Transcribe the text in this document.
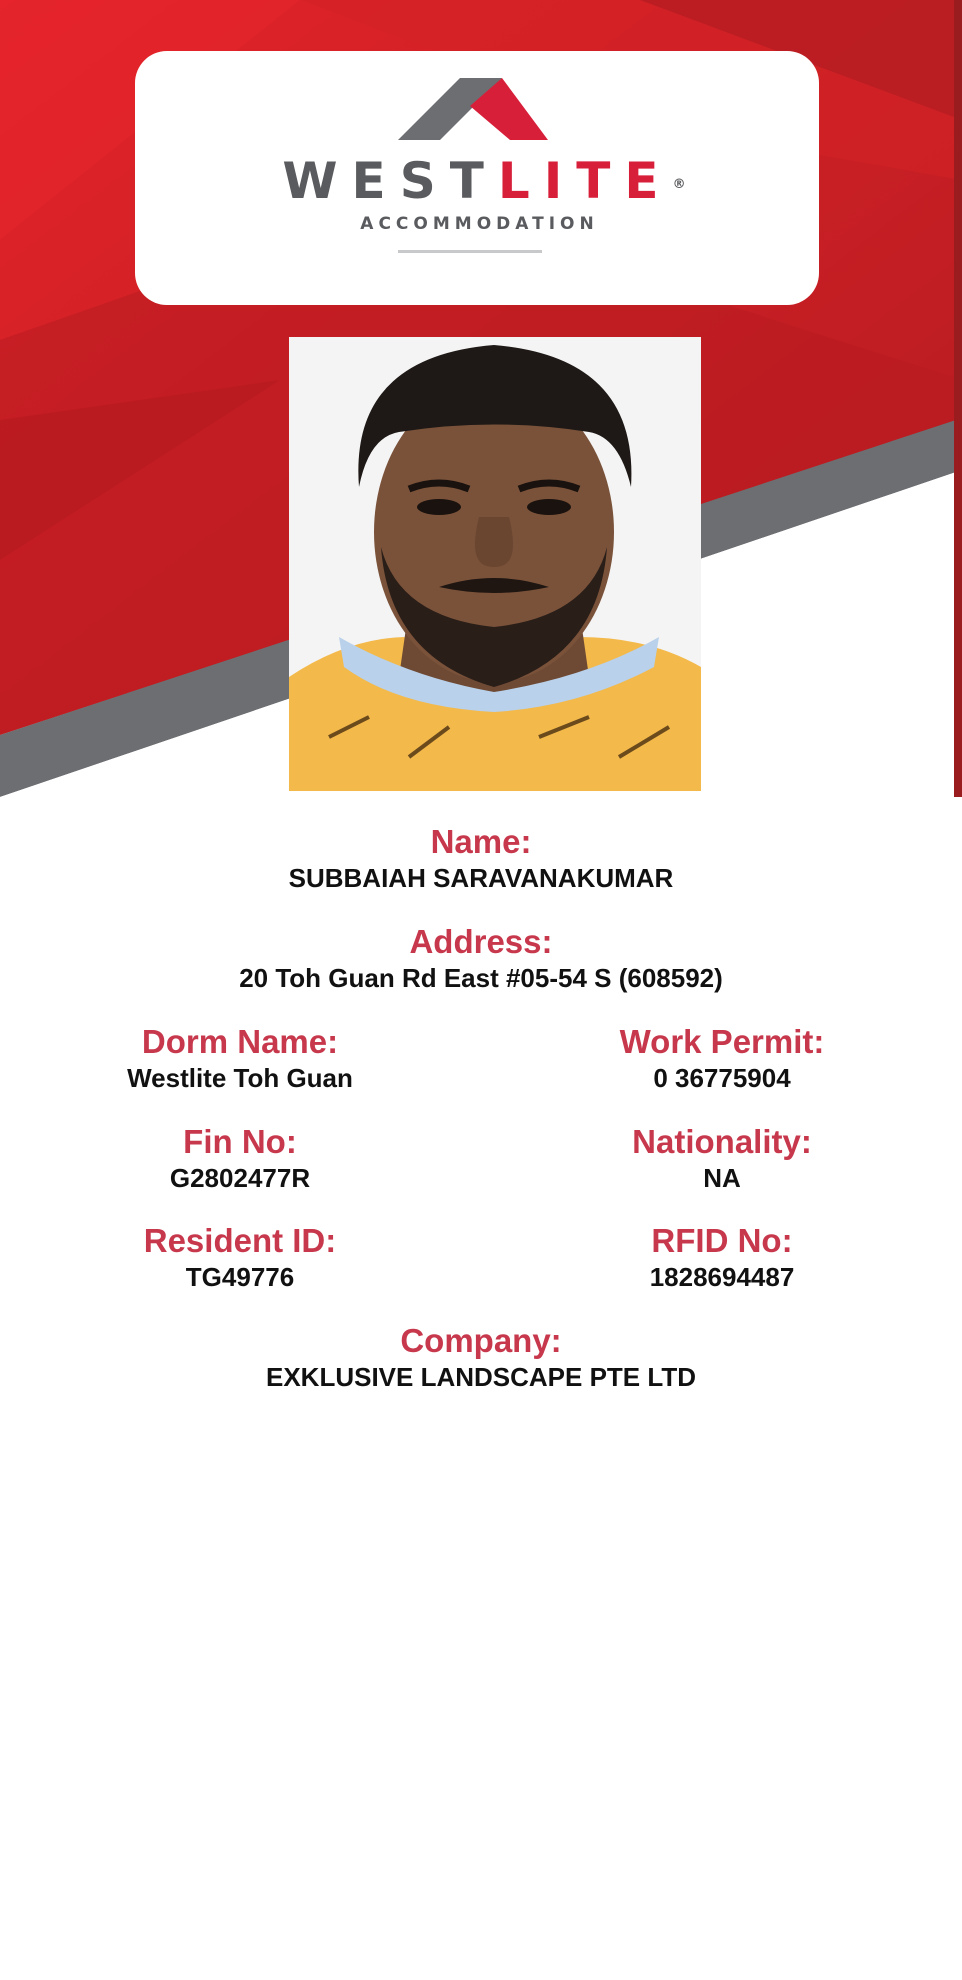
WESTLITE®
ACCOMMODATION
Name:
SUBBAIAH SARAVANAKUMAR
Address:
20 Toh Guan Rd East #05-54 S (608592)
Dorm Name:
Westlite Toh Guan
Work Permit:
0 36775904
Fin No:
G2802477R
Nationality:
NA
Resident ID:
TG49776
RFID No:
1828694487
Company:
EXKLUSIVE LANDSCAPE PTE LTD
